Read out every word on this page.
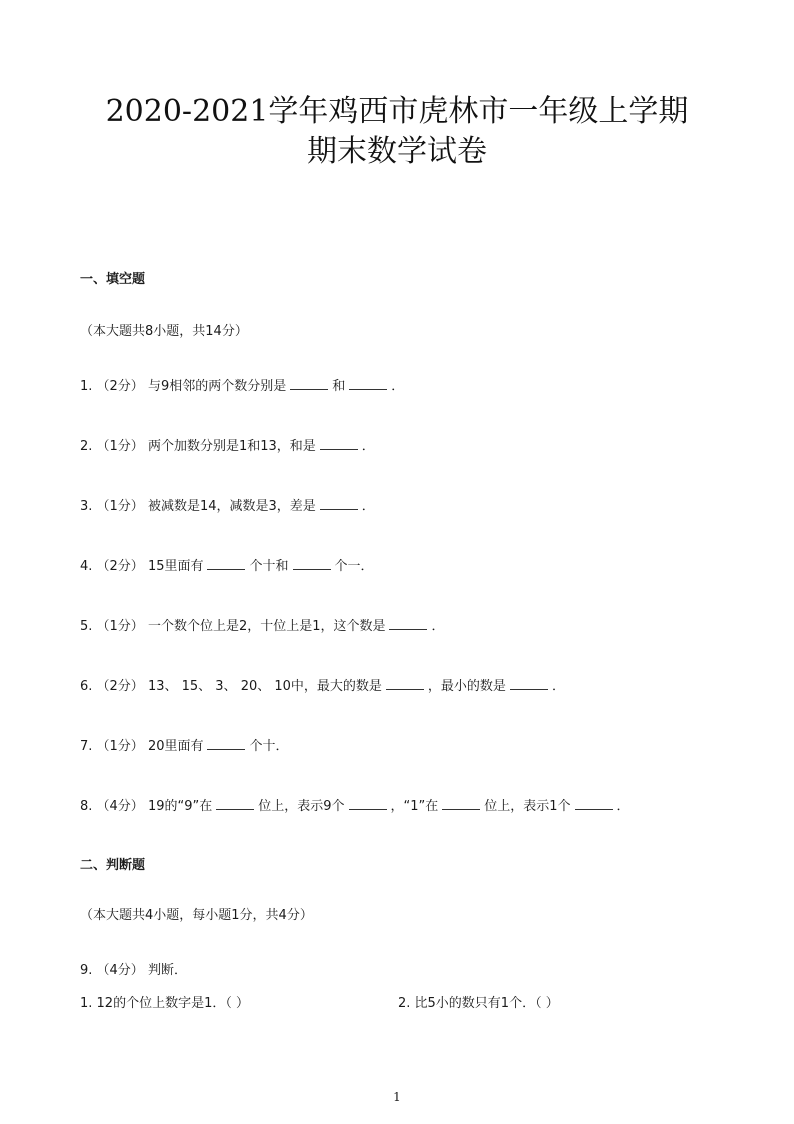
2020-2021学年鸡西市虎林市一年级上学期
期末数学试卷
一、填空题
（本大题共8小题，共14分）
1. （2分） 与9相邻的两个数分别是	和	．
2. （1分） 两个加数分别是1和13，和是	．
3. （1分） 被减数是14，减数是3，差是	．
4. （2分） 15里面有	个十和	个一．
5. （1分） 一个数个位上是2，十位上是1，这个数是	．
6. （2分） 13、 15、 3、 20、 10中，最大的数是	，最小的数是	．
7. （1分） 20里面有	个十．
8. （4分） 19的“9”在	位上，表示9个	，“1”在	位上，表示1个	．
二、判断题
（本大题共4小题，每小题1分，共4分）
9. （4分） 判断．
1. 12的个位上数字是1．（ ）	2. 比5小的数只有1个．（ ）
1
